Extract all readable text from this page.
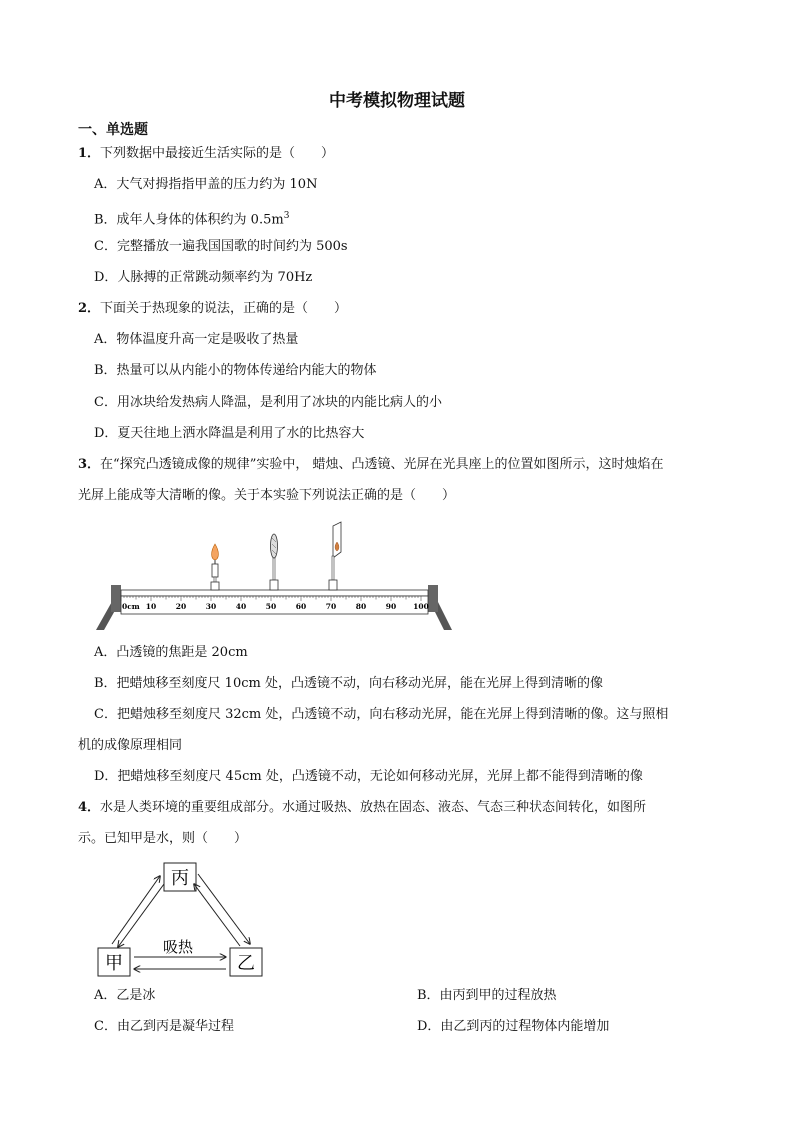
中考模拟物理试题
一、单选题
1．下列数据中最接近生活实际的是（　　）
A．大气对拇指指甲盖的压力约为 10N
B．成年人身体的体积约为 $0.5m^3$
C．完整播放一遍我国国歌的时间约为 500s
D．人脉搏的正常跳动频率约为 70Hz
2．下面关于热现象的说法，正确的是（　　）
A．物体温度升高一定是吸收了热量
B．热量可以从内能小的物体传递给内能大的物体
C．用冰块给发热病人降温，是利用了冰块的内能比病人的小
D．夏天往地上洒水降温是利用了水的比热容大
3．在“探究凸透镜成像的规律”实验中， 蜡烛、凸透镜、光屏在光具座上的位置如图所示，这时烛焰在
光屏上能成等大清晰的像。关于本实验下列说法正确的是（　　）
0cm 10	20	30	40	50	60	70	80	90 100
A．凸透镜的焦距是 20cm
B．把蜡烛移至刻度尺 10cm 处，凸透镜不动，向右移动光屏，能在光屏上得到清晰的像
C．把蜡烛移至刻度尺 32cm 处，凸透镜不动，向右移动光屏，能在光屏上得到清晰的像。这与照相
机的成像原理相同
D．把蜡烛移至刻度尺 45cm 处，凸透镜不动，无论如何移动光屏，光屏上都不能得到清晰的像
4．水是人类环境的重要组成部分。水通过吸热、放热在固态、液态、气态三种状态间转化，如图所
示。已知甲是水，则（　　）
丙
甲	乙
吸热
A．乙是冰	B．由丙到甲的过程放热
C．由乙到丙是凝华过程	D．由乙到丙的过程物体内能增加
